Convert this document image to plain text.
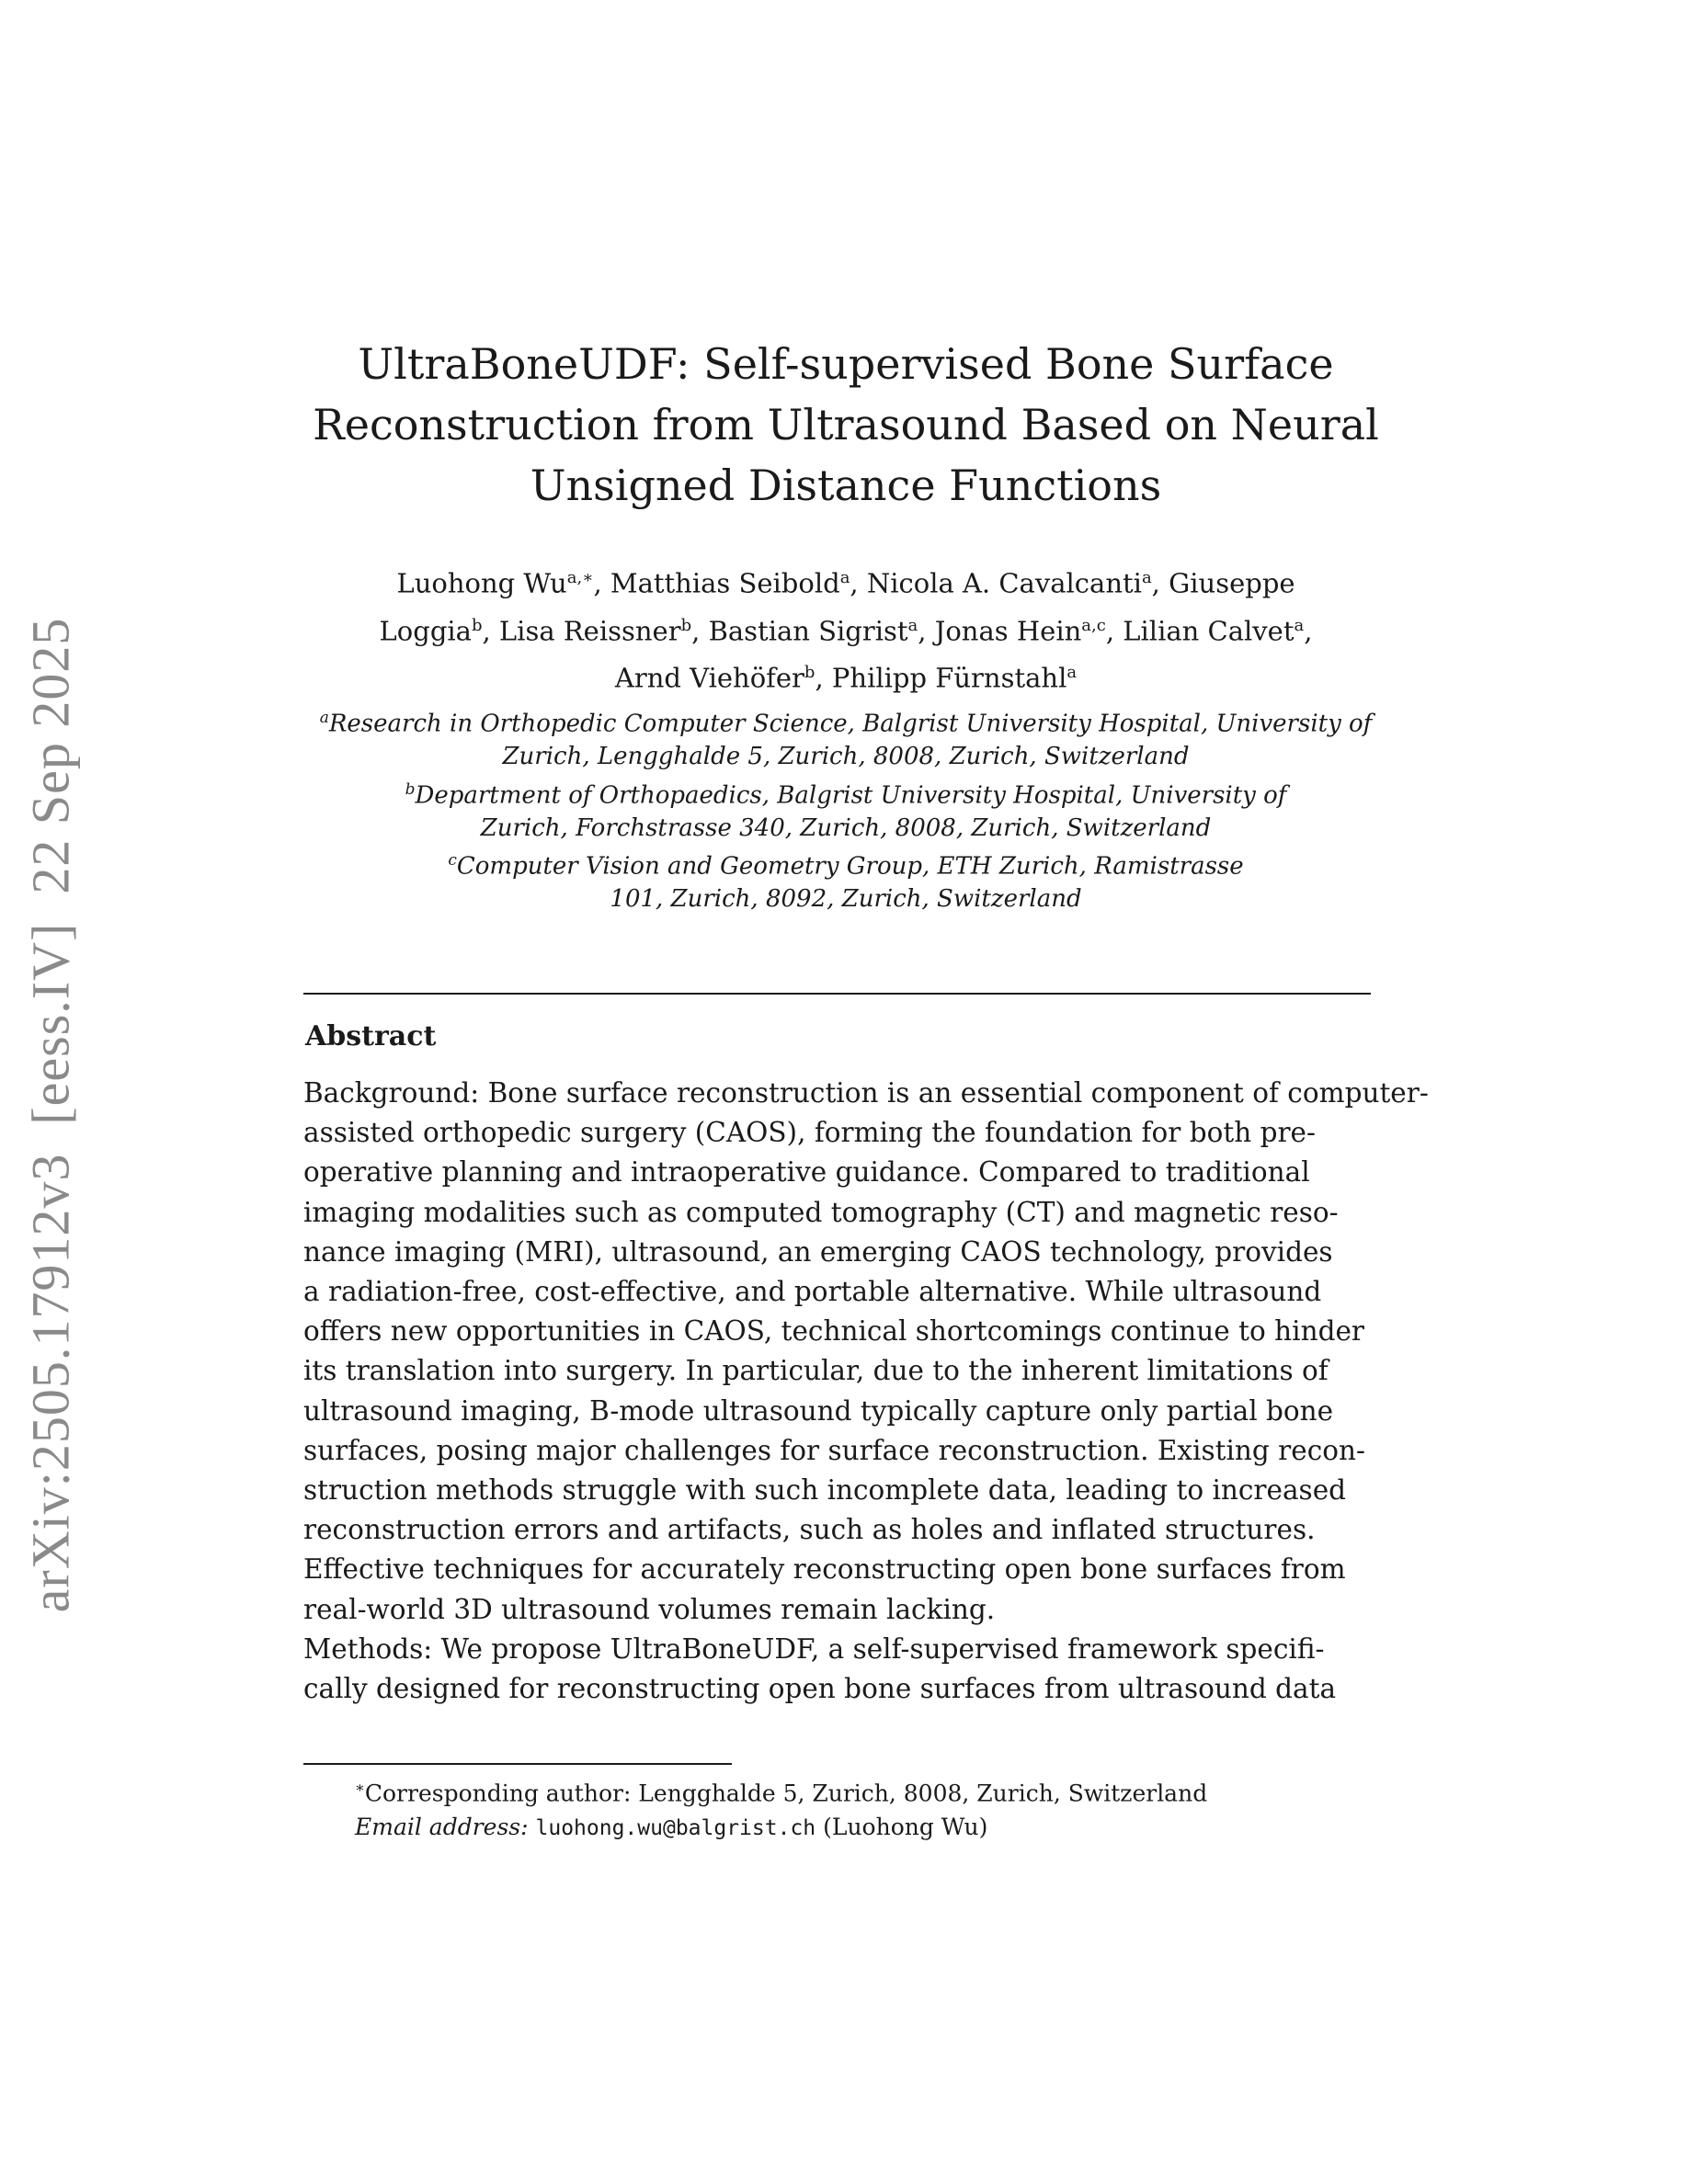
arXiv:2505.17912v3  [eess.IV]  22 Sep 2025
UltraBoneUDF: Self-supervised Bone Surface
Reconstruction from Ultrasound Based on Neural
Unsigned Distance Functions
Luohong $Wu^{a,∗}$, Matthias Seibold$^a$, Nicola A. Cavalcanti$^a$, Giuseppe
Loggia$^b$, Lisa Reissner$^b$, Bastian Sigrist$^a$, Jonas Hein$^{a,c}$, Lilian Calvet$^a$,
Arnd Viehöfer$^b$, Philipp Fürnstahl$^a$
$^a$Research in Orthopedic Computer Science, Balgrist University Hospital, University of
Zurich, Lengghalde 5, Zurich, 8008, Zurich, Switzerland
$^b$Department of Orthopaedics, Balgrist University Hospital, University of
Zurich, Forchstrasse 340, Zurich, 8008, Zurich, Switzerland
$^c$Computer Vision and Geometry Group, ETH Zurich, Ramistrasse
101, Zurich, 8092, Zurich, Switzerland
Abstract
Background: Bone surface reconstruction is an essential component of computer-
assisted orthopedic surgery (CAOS), forming the foundation for both pre-
operative planning and intraoperative guidance. Compared to traditional
imaging modalities such as computed tomography (CT) and magnetic reso-
nance imaging (MRI), ultrasound, an emerging CAOS technology, provides
a radiation-free, cost-effective, and portable alternative. While ultrasound
offers new opportunities in CAOS, technical shortcomings continue to hinder
its translation into surgery. In particular, due to the inherent limitations of
ultrasound imaging, B-mode ultrasound typically capture only partial bone
surfaces, posing major challenges for surface reconstruction. Existing recon-
struction methods struggle with such incomplete data, leading to increased
reconstruction errors and artifacts, such as holes and inflated structures.
Effective techniques for accurately reconstructing open bone surfaces from
real-world 3D ultrasound volumes remain lacking.
Methods: We propose UltraBoneUDF, a self-supervised framework specifi-
cally designed for reconstructing open bone surfaces from ultrasound data
∗Corresponding author: Lengghalde 5, Zurich, 8008, Zurich, Switzerland
Email address: luohong.wu@balgrist.ch (Luohong Wu)
